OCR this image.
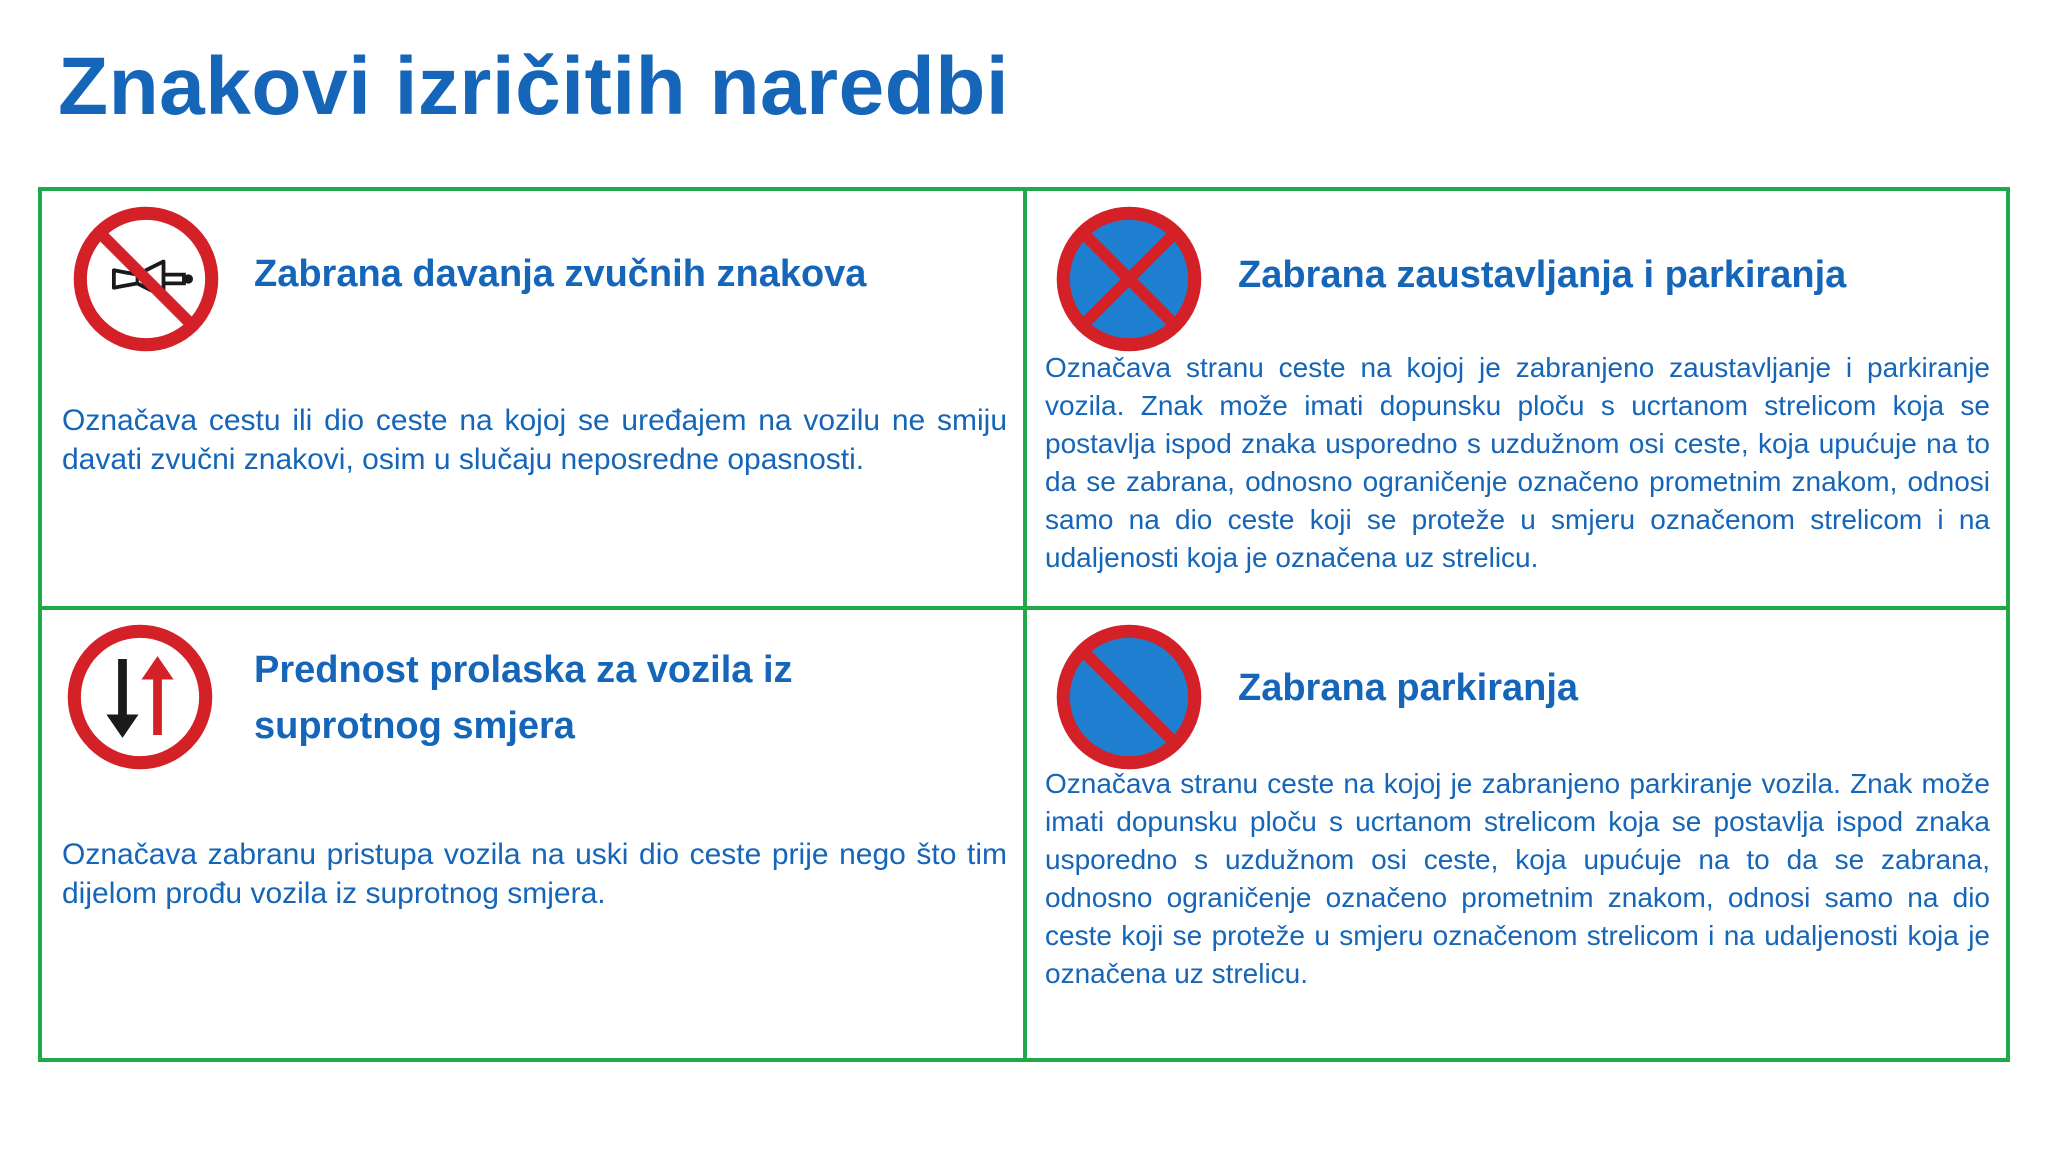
Znakovi izričitih naredbi
Zabrana davanja zvučnih znakova

Označava cestu ili dio ceste na kojoj se uređajem na vozilu ne smiju davati zvučni znakovi, osim u slučaju neposredne opasnosti.

Zabrana zaustavljanja i parkiranja

Označava stranu ceste na kojoj je zabranjeno zaustavljanje i parkiranje vozila. Znak može imati dopunsku ploču s ucrtanom strelicom koja se postavlja ispod znaka usporedno s uzdužnom osi ceste, koja upućuje na to da se zabrana, odnosno ograničenje označeno prometnim znakom, odnosi samo na dio ceste koji se proteže u smjeru označenom strelicom i na udaljenosti koja je označena uz strelicu.

Prednost prolaska za vozila iz suprotnog smjera

Označava zabranu pristupa vozila na uski dio ceste prije nego što tim dijelom prođu vozila iz suprotnog smjera.

Zabrana parkiranja

Označava stranu ceste na kojoj je zabranjeno parkiranje vozila. Znak može imati dopunsku ploču s ucrtanom strelicom koja se postavlja ispod znaka usporedno s uzdužnom osi ceste, koja upućuje na to da se zabrana, odnosno ograničenje označeno prometnim znakom, odnosi samo na dio ceste koji se proteže u smjeru označenom strelicom i na udaljenosti koja je označena uz strelicu.
